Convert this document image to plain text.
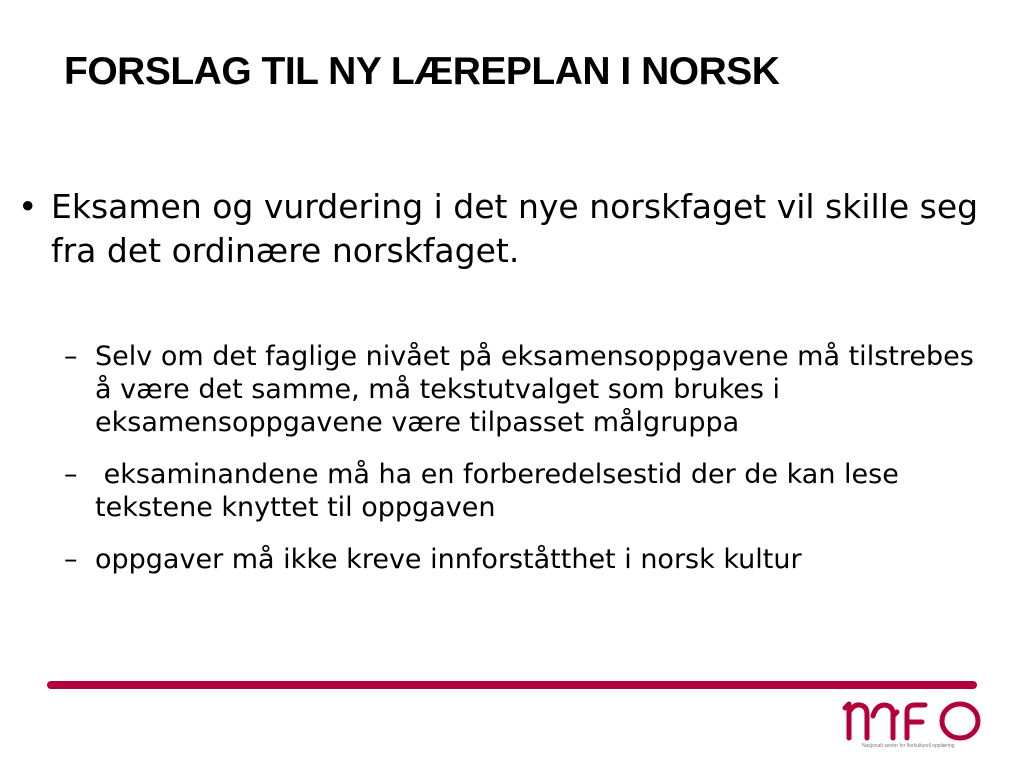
FORSLAG TIL NY LÆREPLAN I NORSK
• Eksamen og vurdering i det nye norskfaget vil skille seg fra det ordinære norskfaget.
– Selv om det faglige nivået på eksamensoppgavene må tilstrebes å være det samme, må tekstutvalget som brukes i eksamensoppgavene være tilpasset målgruppa
– eksaminandene må ha en forberedelsestid der de kan lese tekstene knyttet til oppgaven
– oppgaver må ikke kreve innforståtthet i norsk kultur
Nasjonalt senter for flerkulturell opplæring
